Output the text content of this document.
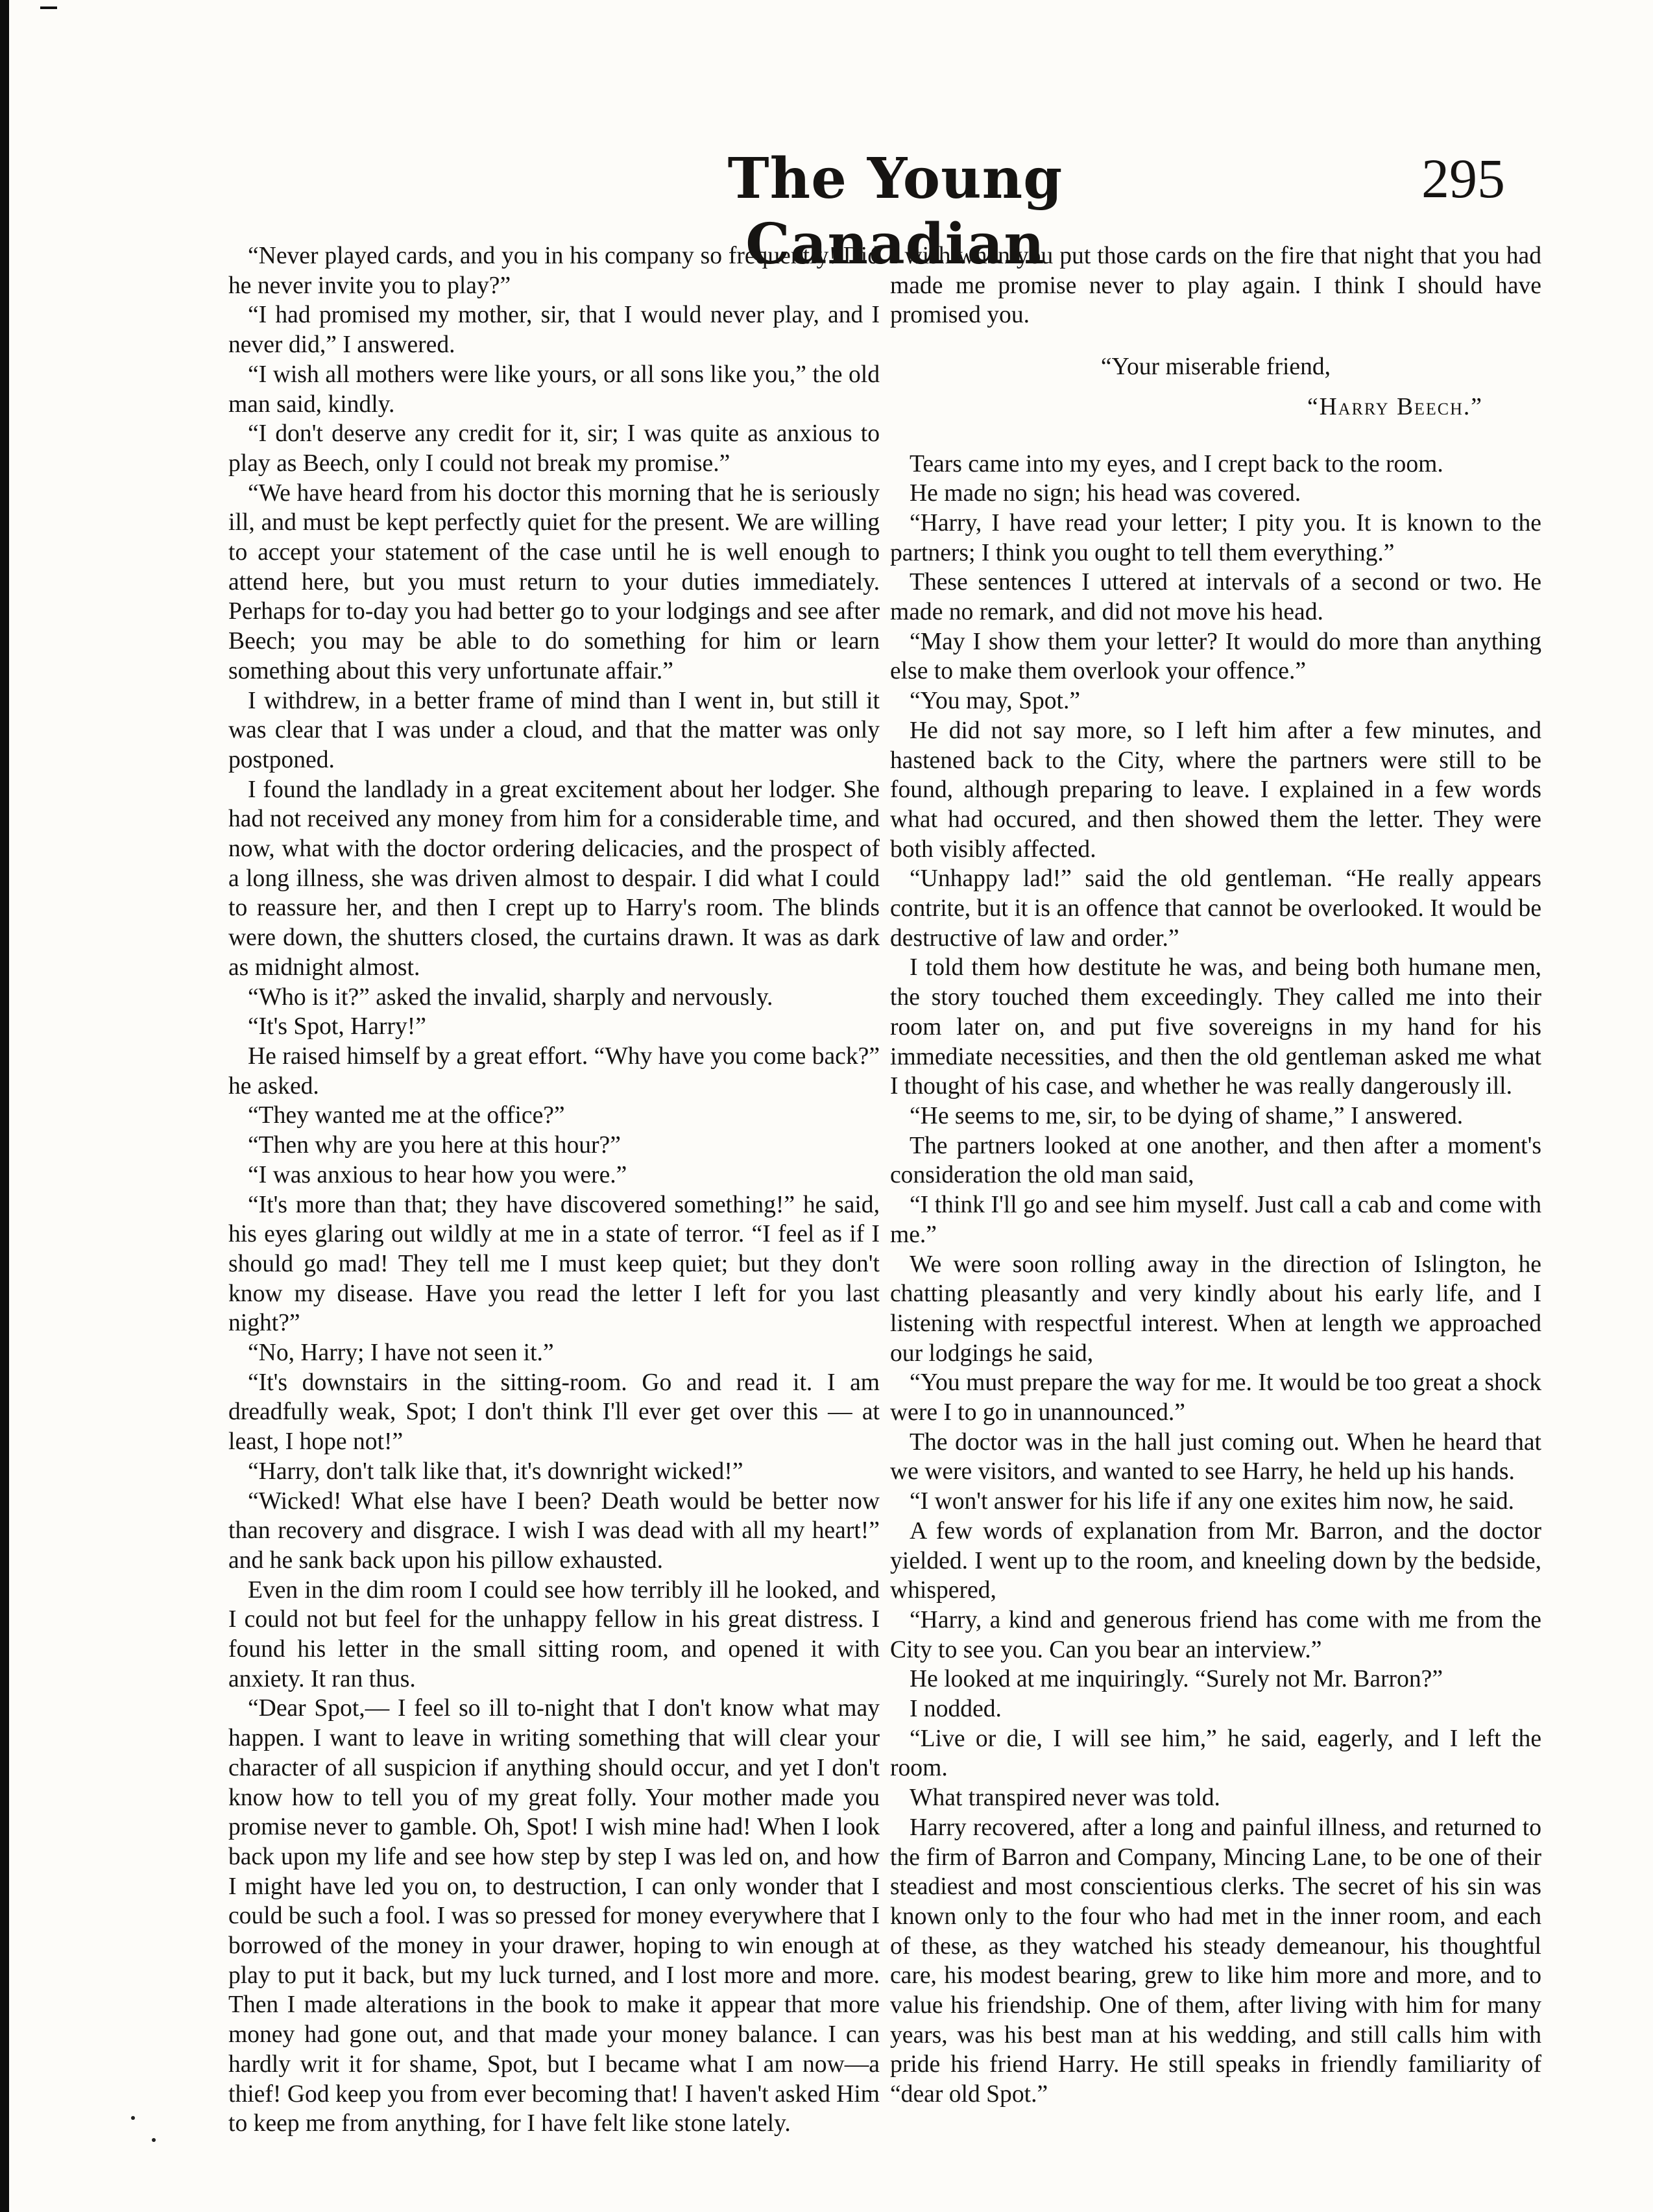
The Young Canadian
295

“Never played cards, and you in his company so frequently! Did he never invite you to play?”

“I had promised my mother, sir, that I would never play, and I never did,” I answered.

“I wish all mothers were like yours, or all sons like you,” the old man said, kindly.

“I don't deserve any credit for it, sir; I was quite as anxious to play as Beech, only I could not break my promise.”

“We have heard from his doctor this morning that he is seriously ill, and must be kept perfectly quiet for the present. We are willing to accept your statement of the case until he is well enough to attend here, but you must return to your duties immediately. Perhaps for to-day you had better go to your lodgings and see after Beech; you may be able to do something for him or learn something about this very unfortunate affair.”

I withdrew, in a better frame of mind than I went in, but still it was clear that I was under a cloud, and that the matter was only postponed.

I found the landlady in a great excitement about her lodger. She had not received any money from him for a considerable time, and now, what with the doctor ordering delicacies, and the prospect of a long illness, she was driven almost to despair. I did what I could to reassure her, and then I crept up to Harry's room. The blinds were down, the shutters closed, the curtains drawn. It was as dark as midnight almost.

“Who is it?” asked the invalid, sharply and nervously.

“It's Spot, Harry!”

He raised himself by a great effort. “Why have you come back?” he asked.

“They wanted me at the office?”

“Then why are you here at this hour?”

“I was anxious to hear how you were.”

“It's more than that; they have discovered something!” he said, his eyes glaring out wildly at me in a state of terror. “I feel as if I should go mad! They tell me I must keep quiet; but they don't know my disease. Have you read the letter I left for you last night?”

“No, Harry; I have not seen it.”

“It's downstairs in the sitting-room. Go and read it. I am dreadfully weak, Spot; I don't think I'll ever get over this — at least, I hope not!”

“Harry, don't talk like that, it's downright wicked!”

“Wicked! What else have I been? Death would be better now than recovery and disgrace. I wish I was dead with all my heart!” and he sank back upon his pillow exhausted.

Even in the dim room I could see how terribly ill he looked, and I could not but feel for the unhappy fellow in his great distress. I found his letter in the small sitting room, and opened it with anxiety. It ran thus.

“Dear Spot,— I feel so ill to-night that I don't know what may happen. I want to leave in writing something that will clear your character of all suspicion if anything should occur, and yet I don't know how to tell you of my great folly. Your mother made you promise never to gamble. Oh, Spot! I wish mine had! When I look back upon my life and see how step by step I was led on, and how I might have led you on, to destruction, I can only wonder that I could be such a fool. I was so pressed for money everywhere that I borrowed of the money in your drawer, hoping to win enough at play to put it back, but my luck turned, and I lost more and more. Then I made alterations in the book to make it appear that more money had gone out, and that made your money balance. I can hardly writ it for shame, Spot, but I became what I am now—a thief! God keep you from ever becoming that! I haven't asked Him to keep me from anything, for I have felt like stone lately.

I wish when you put those cards on the fire that night that you had made me promise never to play again. I think I should have promised you.

“Your miserable friend,

“Harry Beech.”

Tears came into my eyes, and I crept back to the room.

He made no sign; his head was covered.

“Harry, I have read your letter; I pity you. It is known to the partners; I think you ought to tell them everything.”

These sentences I uttered at intervals of a second or two. He made no remark, and did not move his head.

“May I show them your letter? It would do more than anything else to make them overlook your offence.”

“You may, Spot.”

He did not say more, so I left him after a few minutes, and hastened back to the City, where the partners were still to be found, although preparing to leave. I explained in a few words what had occured, and then showed them the letter. They were both visibly affected.

“Unhappy lad!” said the old gentleman. “He really appears contrite, but it is an offence that cannot be overlooked. It would be destructive of law and order.”

I told them how destitute he was, and being both humane men, the story touched them exceedingly. They called me into their room later on, and put five sovereigns in my hand for his immediate necessities, and then the old gentleman asked me what I thought of his case, and whether he was really dangerously ill.

“He seems to me, sir, to be dying of shame,” I answered.

The partners looked at one another, and then after a moment's consideration the old man said,

“I think I'll go and see him myself. Just call a cab and come with me.”

We were soon rolling away in the direction of Islington, he chatting pleasantly and very kindly about his early life, and I listening with respectful interest. When at length we approached our lodgings he said,

“You must prepare the way for me. It would be too great a shock were I to go in unannounced.”

The doctor was in the hall just coming out. When he heard that we were visitors, and wanted to see Harry, he held up his hands.

“I won't answer for his life if any one exites him now, he said.

A few words of explanation from Mr. Barron, and the doctor yielded. I went up to the room, and kneeling down by the bedside, whispered,

“Harry, a kind and generous friend has come with me from the City to see you. Can you bear an interview.”

He looked at me inquiringly. “Surely not Mr. Barron?”

I nodded.

“Live or die, I will see him,” he said, eagerly, and I left the room.

What transpired never was told.

Harry recovered, after a long and painful illness, and returned to the firm of Barron and Company, Mincing Lane, to be one of their steadiest and most conscientious clerks. The secret of his sin was known only to the four who had met in the inner room, and each of these, as they watched his steady demeanour, his thoughtful care, his modest bearing, grew to like him more and more, and to value his friendship. One of them, after living with him for many years, was his best man at his wedding, and still calls him with pride his friend Harry. He still speaks in friendly familiarity of “dear old Spot.”
